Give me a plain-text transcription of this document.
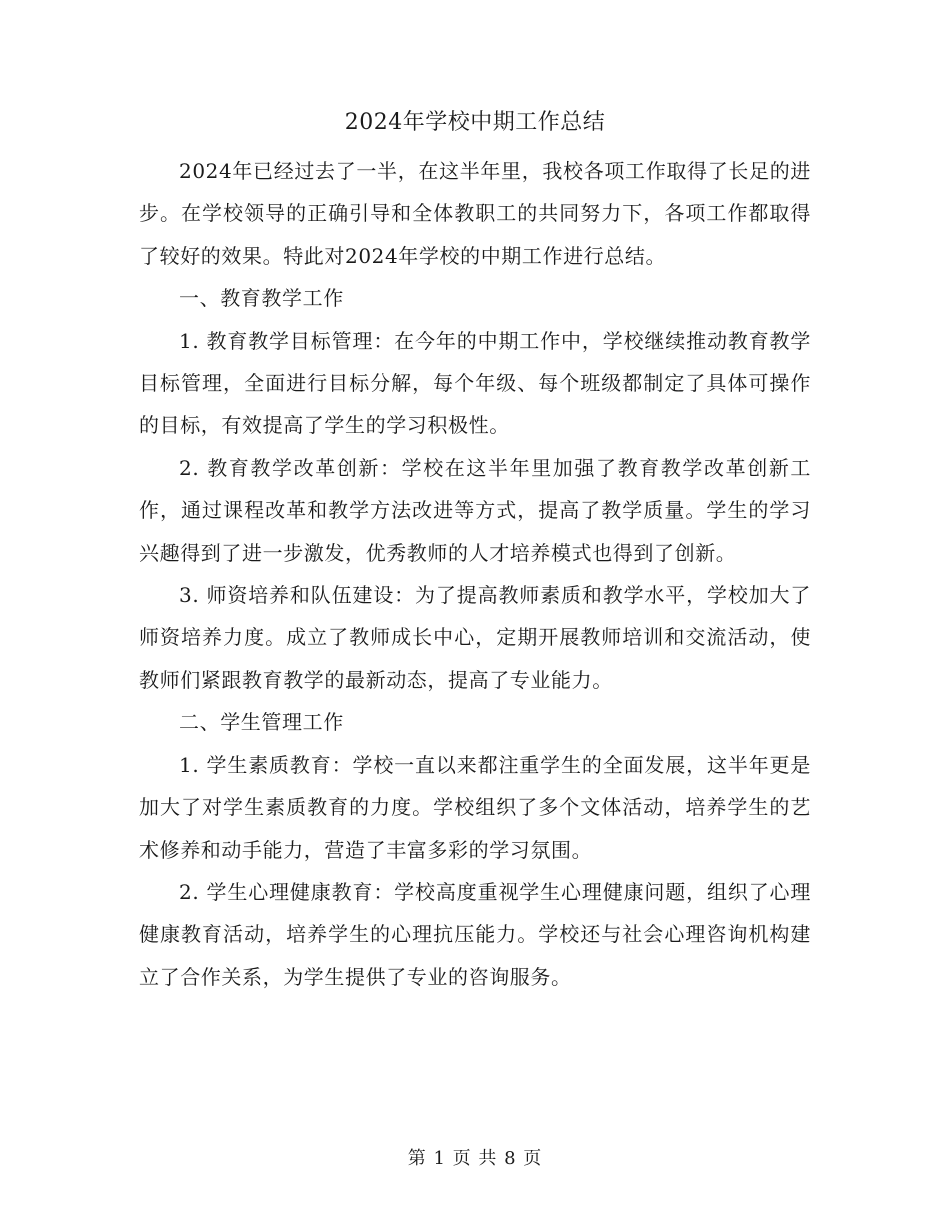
2024年学校中期工作总结

2024年已经过去了一半，在这半年里，我校各项工作取得了长足的进步。在学校领导的正确引导和全体教职工的共同努力下，各项工作都取得了较好的效果。特此对2024年学校的中期工作进行总结。

一、教育教学工作

1. 教育教学目标管理：在今年的中期工作中，学校继续推动教育教学目标管理，全面进行目标分解，每个年级、每个班级都制定了具体可操作的目标，有效提高了学生的学习积极性。

2. 教育教学改革创新：学校在这半年里加强了教育教学改革创新工作，通过课程改革和教学方法改进等方式，提高了教学质量。学生的学习兴趣得到了进一步激发，优秀教师的人才培养模式也得到了创新。

3. 师资培养和队伍建设：为了提高教师素质和教学水平，学校加大了师资培养力度。成立了教师成长中心，定期开展教师培训和交流活动，使教师们紧跟教育教学的最新动态，提高了专业能力。

二、学生管理工作

1. 学生素质教育：学校一直以来都注重学生的全面发展，这半年更是加大了对学生素质教育的力度。学校组织了多个文体活动，培养学生的艺术修养和动手能力，营造了丰富多彩的学习氛围。

2. 学生心理健康教育：学校高度重视学生心理健康问题，组织了心理健康教育活动，培养学生的心理抗压能力。学校还与社会心理咨询机构建立了合作关系，为学生提供了专业的咨询服务。

第 1 页 共 8 页
